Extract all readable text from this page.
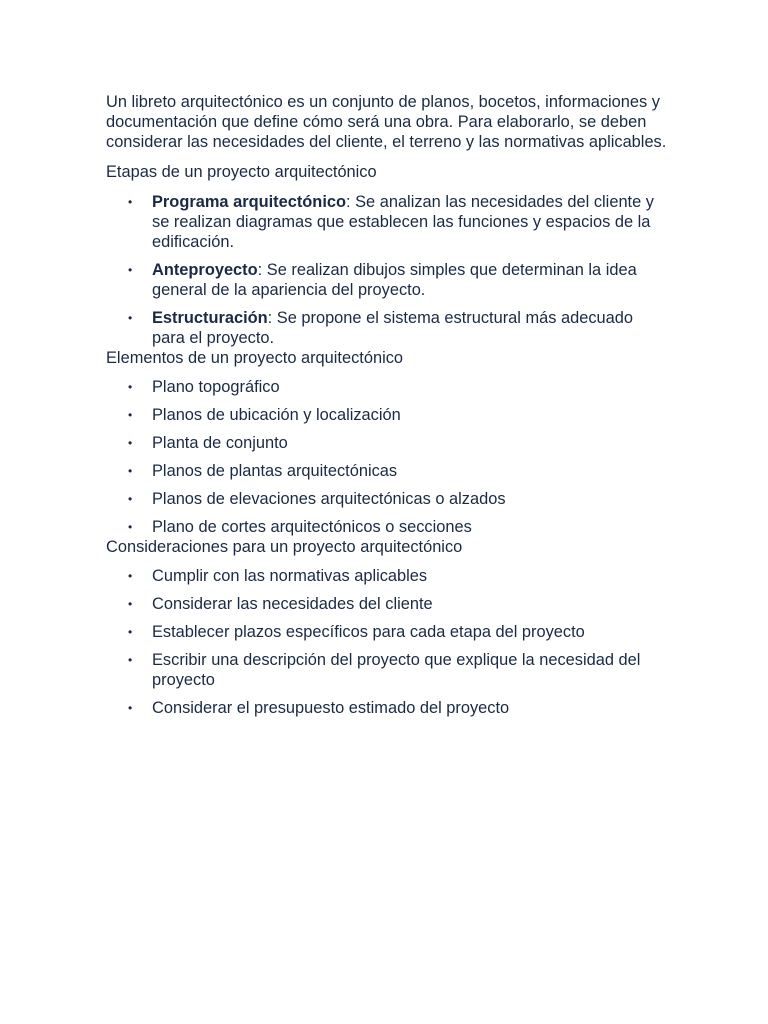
Un libreto arquitectónico es un conjunto de planos, bocetos, informaciones y documentación que define cómo será una obra. Para elaborarlo, se deben considerar las necesidades del cliente, el terreno y las normativas aplicables.

Etapas de un proyecto arquitectónico

• Programa arquitectónico: Se analizan las necesidades del cliente y se realizan diagramas que establecen las funciones y espacios de la edificación.
• Anteproyecto: Se realizan dibujos simples que determinan la idea general de la apariencia del proyecto.
• Estructuración: Se propone el sistema estructural más adecuado para el proyecto.

Elementos de un proyecto arquitectónico

• Plano topográfico
• Planos de ubicación y localización
• Planta de conjunto
• Planos de plantas arquitectónicas
• Planos de elevaciones arquitectónicas o alzados
• Plano de cortes arquitectónicos o secciones

Consideraciones para un proyecto arquitectónico

• Cumplir con las normativas aplicables
• Considerar las necesidades del cliente
• Establecer plazos específicos para cada etapa del proyecto
• Escribir una descripción del proyecto que explique la necesidad del proyecto
• Considerar el presupuesto estimado del proyecto
